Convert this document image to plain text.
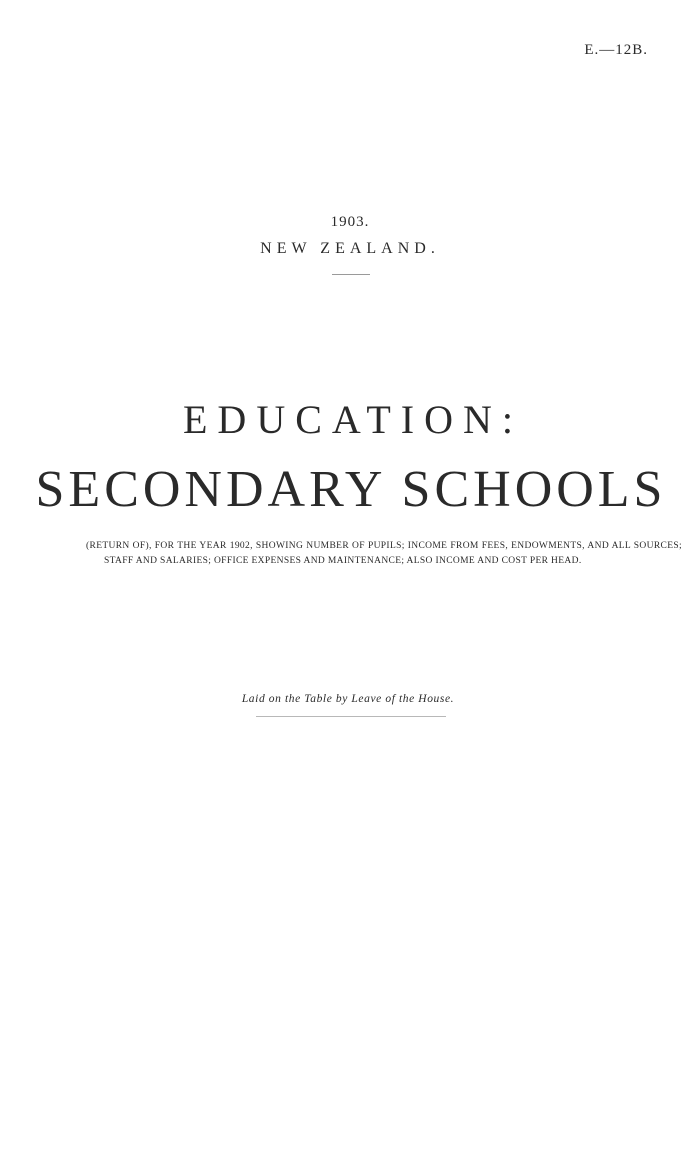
E.—12B.
1903.
NEW ZEALAND.
EDUCATION:
SECONDARY SCHOOLS
(RETURN OF), FOR THE YEAR 1902, SHOWING NUMBER OF PUPILS; INCOME FROM FEES, ENDOWMENTS, AND ALL SOURCES; STAFF AND SALARIES; OFFICE EXPENSES AND MAINTENANCE; ALSO INCOME AND COST PER HEAD.
Laid on the Table by Leave of the House.
